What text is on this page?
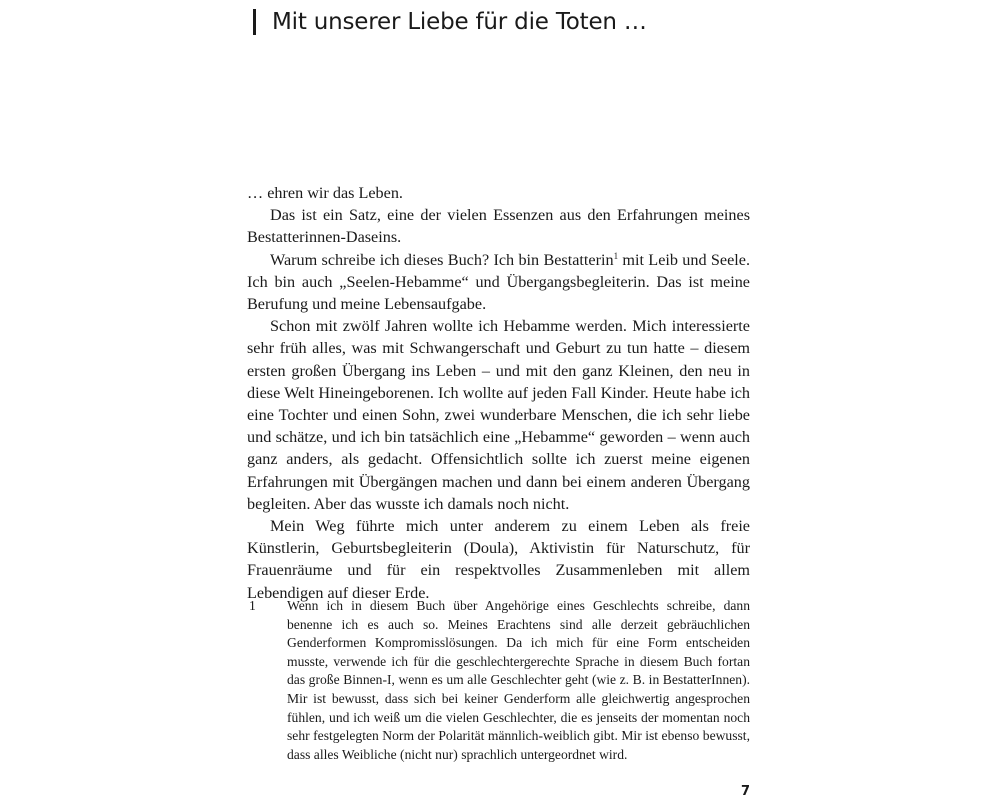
Mit unserer Liebe für die Toten …

… ehren wir das Leben.

Das ist ein Satz, eine der vielen Essenzen aus den Erfahrungen meines Bestatterinnen-Daseins.

Warum schreibe ich dieses Buch? Ich bin Bestatterin$^1$ mit Leib und Seele. Ich bin auch „Seelen-Hebamme“ und Übergangsbegleiterin. Das ist meine Berufung und meine Lebensaufgabe.

Schon mit zwölf Jahren wollte ich Hebamme werden. Mich interessierte sehr früh alles, was mit Schwangerschaft und Geburt zu tun hatte – diesem ersten großen Übergang ins Leben – und mit den ganz Kleinen, den neu in diese Welt Hineingeborenen. Ich wollte auf jeden Fall Kinder. Heute habe ich eine Tochter und einen Sohn, zwei wunderbare Menschen, die ich sehr liebe und schätze, und ich bin tatsächlich eine „Hebamme“ geworden – wenn auch ganz anders, als gedacht. Offensichtlich sollte ich zuerst meine eigenen Erfahrungen mit Übergängen machen und dann bei einem anderen Übergang begleiten. Aber das wusste ich damals noch nicht.

Mein Weg führte mich unter anderem zu einem Leben als freie Künstlerin, Geburtsbegleiterin (Doula), Aktivistin für Naturschutz, für Frauenräume und für ein respektvolles Zusammenleben mit allem Lebendigen auf dieser Erde.

1	Wenn ich in diesem Buch über Angehörige eines Geschlechts schreibe, dann benenne ich es auch so. Meines Erachtens sind alle derzeit gebräuchlichen Genderformen Kompromisslösungen. Da ich mich für eine Form entscheiden musste, verwende ich für die geschlechtergerechte Sprache in diesem Buch fortan das große Binnen-I, wenn es um alle Geschlechter geht (wie z. B. in BestatterInnen). Mir ist bewusst, dass sich bei keiner Genderform alle gleichwertig angesprochen fühlen, und ich weiß um die vielen Geschlechter, die es jenseits der momentan noch sehr festgelegten Norm der Polarität männlich-weiblich gibt. Mir ist ebenso bewusst, dass alles Weibliche (nicht nur) sprachlich untergeordnet wird.
7
